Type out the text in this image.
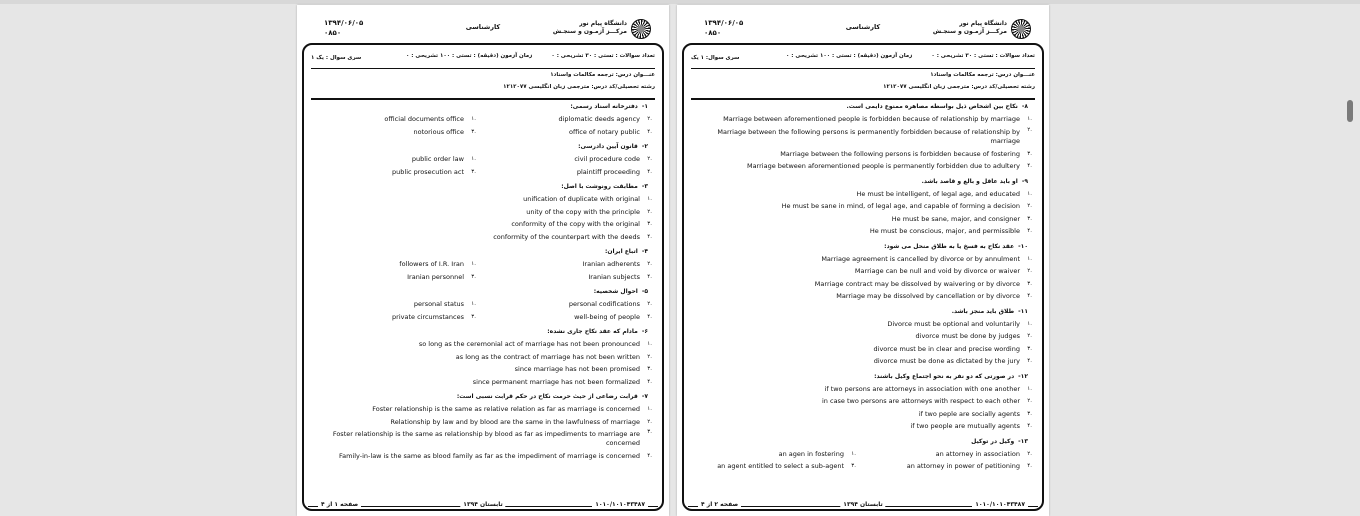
دانشگاه پیام نور
مرکـــز آزمـون و سنجـش
کارشناسی
۱۳۹۴/۰۶/۰۵
۰۸۵۰
تعداد سوالات : تستی : ۳۰ تشریحی : ۰
زمان آزمون (دقیقه) : تستی : ۱۰۰ تشریحی : ۰
سری سوال : یک ۱
عنـــوان درس: ترجمه مکالمات واسناد۱
رشته تحصیلی/کد درس: مترجمی زبان انگلیسی ۱۲۱۲۰۷۷
۱-دفترخانه اسناد رسمی:
۱.
official documents office	۲.
diplomatic deeds agency
۳.
notorious office	۴.
office of notary public
۲-قانون آیین دادرسی:
۱.
public order law	۲.
civil procedure code
۳.
public prosecution act	۴.
plaintiff proceeding
۳-مطابقت رونوشت با اصل:
۱.
unification of duplicate with original
۲.
unity of the copy with the principle
۳.
conformity of the copy with the original
۴.
conformity of the counterpart with the deeds
۴-اتباع ایران:
۱.
followers of I.R. Iran	۲.
Iranian adherents
۳.
Iranian personnel	۴.
Iranian subjects
۵-احوال شخصیه:
۱.
personal status	۲.
personal codifications
۳.
private circumstances	۴.
well-being of people
۶-مادام که عقد نکاح جاری نشده:
۱.
so long as the ceremonial act of marriage has not been pronounced
۲.
as long as the contract of marriage has not been written
۳.
since marriage has not been promised
۴.
since permanent marriage has not been formalized
۷-قرابت رضاعی از حیث حرمت نکاح در حکم قرابت نسبی است:
۱.
Foster relationship is the same as relative relation as far as marriage is concerned
۲.
Relationship by law and by blood are the same in the lawfulness of marriage
۳.
Foster relationship is the same as relationship by blood as far as impediments to marriage are concerned
۴.
Family-in-law is the same as blood family as far as the impediment of marriage is concerned
۱۰۱۰/۱۰۱۰۴۳۴۸۷
تابستان ۱۳۹۴
صفحه ۱ از ۴
دانشگاه پیام نور
مرکـــز آزمـون و سنجـش
کارشناسی
۱۳۹۴/۰۶/۰۵
۰۸۵۰
تعداد سوالات : تستی : ۳۰ تشریحی : ۰
زمان آزمون (دقیقه) : تستی : ۱۰۰ تشریحی : ۰
سری سوال: ۱ یک
عنـــوان درس: ترجمه مکالمات واسناد۱
رشته تحصیلی/کد درس: مترجمی زبان انگلیسی ۱۲۱۲۰۷۷
۸-نکاح بین اشخاص ذیل بواسطه مصاهره ممنوع دایمی است.
۱.
Marriage between aforementioned people is forbidden because of relationship by marriage
۲.
Marriage between the following persons is permanently forbidden because of relationship by marriage
۳.
Marriage between the following persons is forbidden because of fostering
۴.
Marriage between aforementioned people is permanently forbidden due to adultery
۹-او باید عاقل و بالغ و قاصد باشد.
۱.
He must be intelligent, of legal age, and educated
۲.
He must be sane in mind, of legal age, and capable of forming a decision
۳.
He must be sane, major, and consigner
۴.
He must be conscious, major, and permissible
۱۰-عقد نکاح به فسخ یا به طلاق منحل می شود:
۱.
Marriage agreement is cancelled by divorce or by annulment
۲.
Marriage can be null and void by divorce or waiver
۳.
Marriage contract may be dissolved by waivering or by divorce
۴.
Marriage may be dissolved by cancellation or by divorce
۱۱-طلاق باید منجز باشد.
۱.
Divorce must be optional and voluntarily
۲.
divorce must be done by judges
۳.
divorce must be in clear and precise wording
۴.
divorce must be done as dictated by the jury
۱۲-در صورتی که دو نفر به نحو اجتماع وکیل باشند:
۱.
if two persons are attorneys in association with one another
۲.
in case two persons are attorneys with respect to each other
۳.
if two peple are socially agents
۴.
if two people are mutually agents
۱۳-وکیل در توکیل
۱.
an agen in fostering	۲.
an attorney in association
۳.
an agent entitled to select a sub-agent	۴.
an attorney in power of petitioning
۱۰۱۰/۱۰۱۰۴۳۴۸۷
تابستان ۱۳۹۴
صفحه ۲ از ۴
